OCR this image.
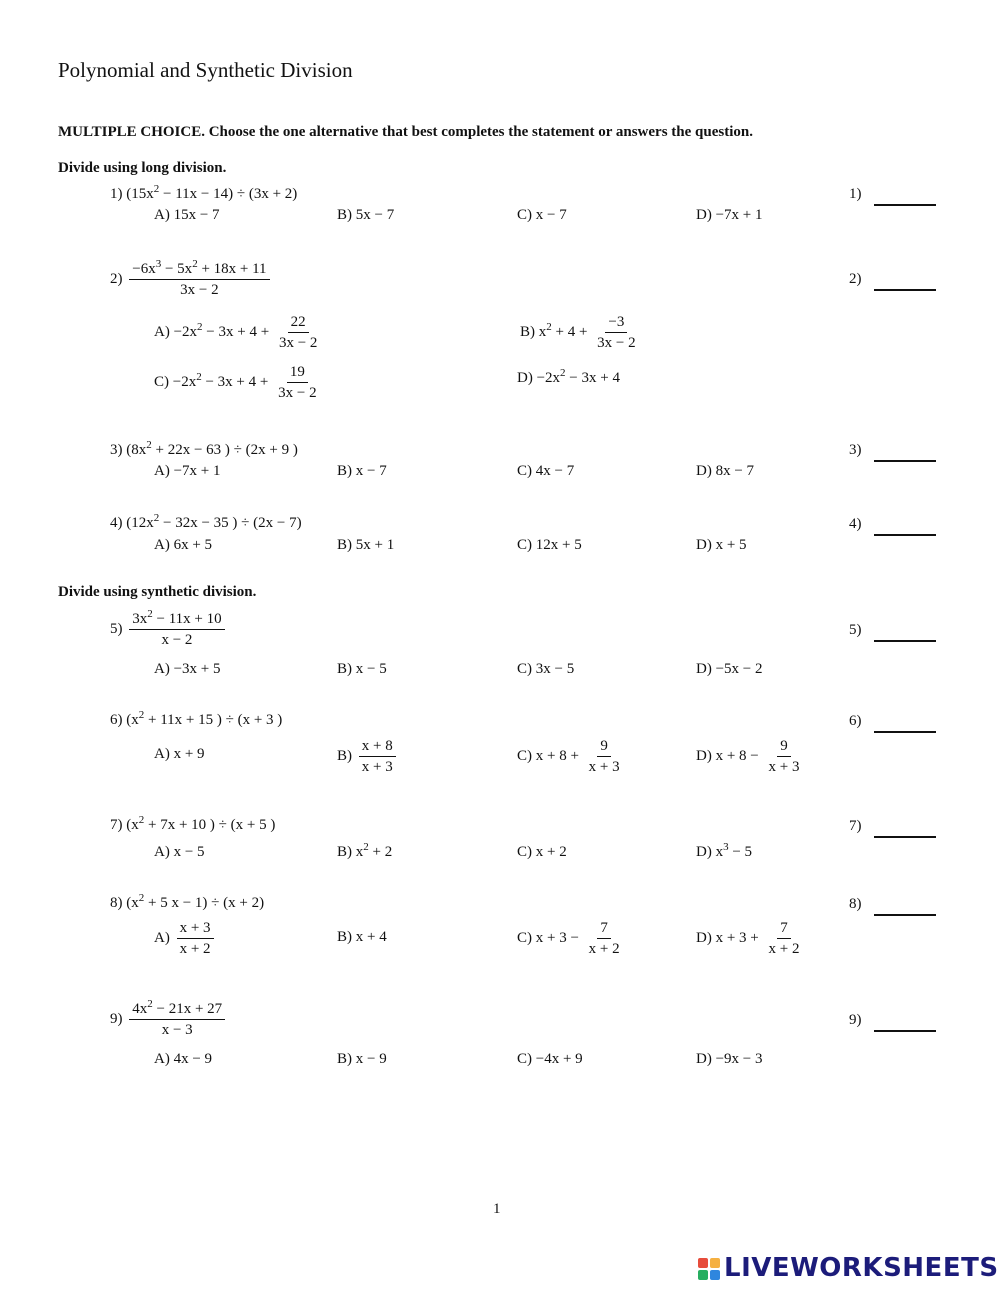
Polynomial and Synthetic Division
MULTIPLE CHOICE. Choose the one alternative that best completes the statement or answers the question.
Divide using long division.
1) $(15x^2 - 11x - 14) \div (3x + 2)$
A) 15x − 7	B) 5x − 7	C) x − 7	D) −7x + 1
1)
$2) \frac{-6x^3 - 5x^2 + 18x + 11}{3x - 2}$	2)
$A) -2x^2 - 3x + 4 + \frac{22}{3x - 2}$	B) $x^2 + 4 + \frac{-3}{3x - 2}$
$C) -2x^2 - 3x + 4 + \frac{19}{3x - 2}$	$D) -2x^2 - 3x + 4$
3) ($8x^2 + 22x - 63$ ) ÷ (2x + 9 )
A) −7x + 1	B) x − 7	C) 4x − 7	D) 8x − 7
3)
4) ($12x^2 - 32x - 35$ ) ÷ (2x − 7)
A) 6x + 5	B) 5x + 1	C) 12x + 5	D) x + 5
4)
Divide using synthetic division.
$5) \frac{3x^2 - 11x + 10}{x - 2}$
A) −3x + 5	B) x − 5	C) 3x − 5	D) −5x − 2
5)
6) ($x^2 + 11x + 15$ ) ÷ (x + 3 )
A) x + 9	$B) \frac{x + 8}{x + 3}$	C) $x + 8 + \frac{9}{x + 3}$	D) $x + 8 - \frac{9}{x + 3}$
6)
7) ($x^2 + 7x + 10$ ) ÷ (x + 5 )
A) x − 5	B) $x^2 + 2$	C) x + 2	D) $x^3 - 5$
7)
8) ($x^2 + 5$ x − 1) ÷ (x + 2)
$A) \frac{x + 3}{x + 2}$	B) x + 4	C) $x + 3 - \frac{7}{x + 2}$	D) $x + 3 + \frac{7}{x + 2}$
8)
$9) \frac{4x^2 - 21x + 27}{x - 3}$
A) 4x − 9	B) x − 9	C) −4x + 9	D) −9x − 3
9)
1
LIVEWORKSHEETS
